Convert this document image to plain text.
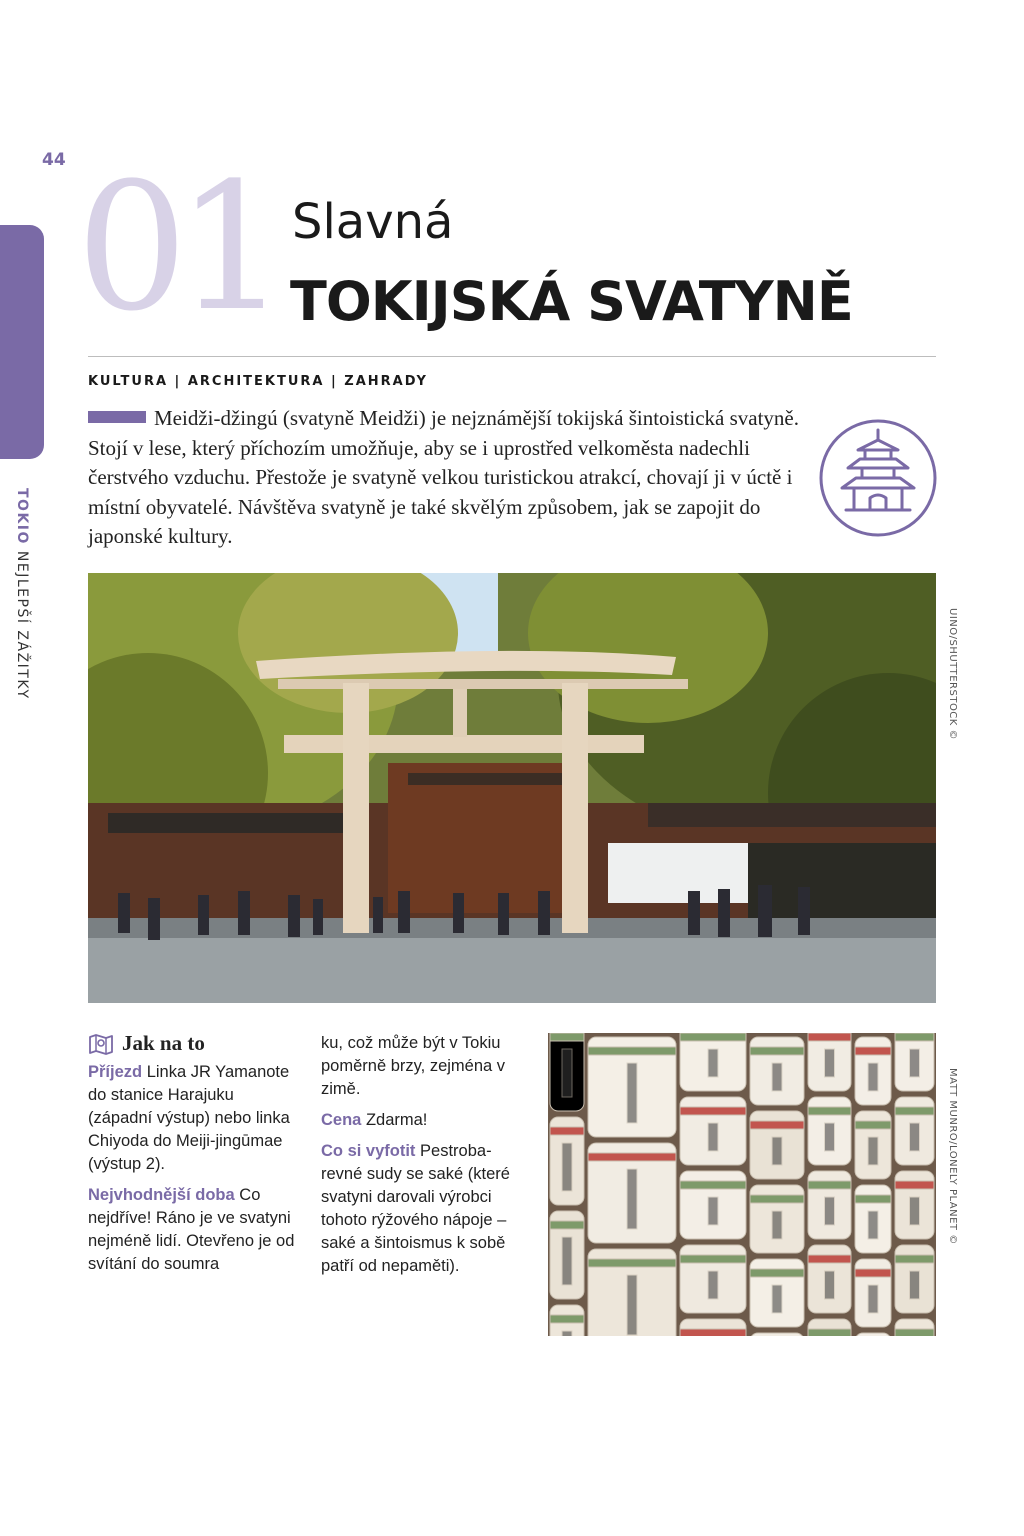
44
TOKIONEJLEPŠÍ ZÁŽITKY
01 Slavná
TOKIJSKÁ SVATYNĚ
KULTURA | ARCHITEKTURA | ZAHRADY
Meidži-džingú (svatyně Meidži) je nejznámější tokijská šintoistická svatyně. Stojí v lese, který příchozím umožňuje, aby se i uprostřed velkoměsta nadechli čerstvého vzduchu. Přestože je svatyně velkou turistickou atrakcí, chovají ji v úctě i místní obyvatelé. Návštěva svatyně je také skvělým způsobem, jak se zapojit do japonské kultury.
UINO/SHUTTERSTOCK ©
Jak na to

Příjezd Linka JR Yamanote do stanice Harajuku (západní výstup) nebo linka Chiyoda do Meiji-jingūmae (výstup 2).

Nejvhodnější doba Co nejdříve! Ráno je ve svatyni nejméně lidí. Otevřeno je od svítání do soumra

ku, což může být v Tokiu poměrně brzy, zejména v zimě.

Cena Zdarma!

Co si vyfotit Pestrobarevné sudy se saké (které svatyni darovali výrobci tohoto rýžového nápoje – saké a šintoismus k sobě patří od nepaměti).

MATT MUNRO/LONELY PLANET ©
